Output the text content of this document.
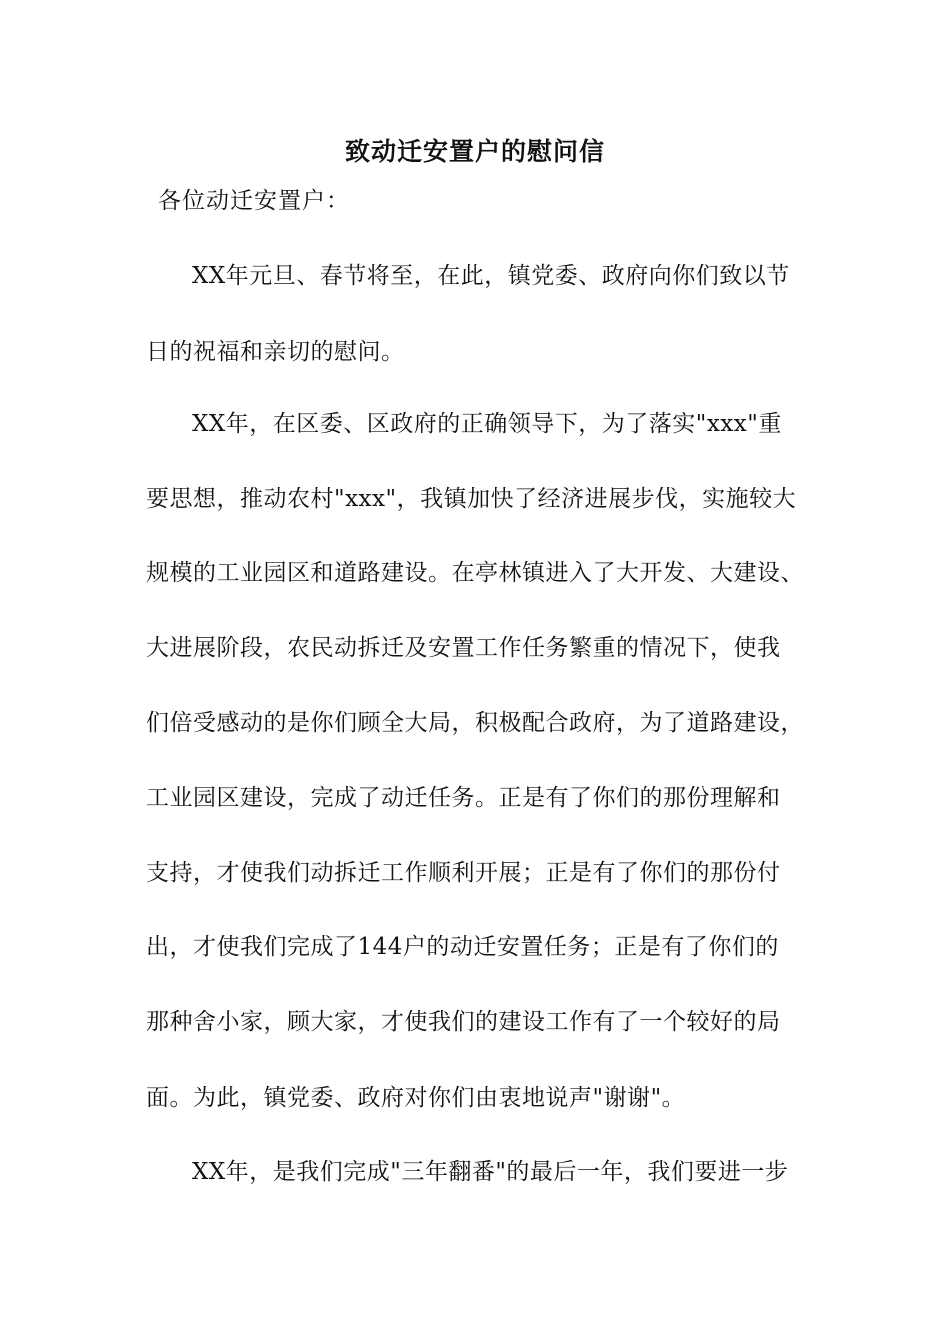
致动迁安置户的慰问信
各位动迁安置户：
XX年元旦、春节将至，在此，镇党委、政府向你们致以节
日的祝福和亲切的慰问。
XX年，在区委、区政府的正确领导下，为了落实"xxx"重
要思想，推动农村"xxx"，我镇加快了经济进展步伐，实施较大
规模的工业园区和道路建设。在亭林镇进入了大开发、大建设、
大进展阶段，农民动拆迁及安置工作任务繁重的情况下，使我
们倍受感动的是你们顾全大局，积极配合政府，为了道路建设，
工业园区建设，完成了动迁任务。正是有了你们的那份理解和
支持，才使我们动拆迁工作顺利开展；正是有了你们的那份付
出，才使我们完成了144户的动迁安置任务；正是有了你们的
那种舍小家，顾大家，才使我们的建设工作有了一个较好的局
面。为此，镇党委、政府对你们由衷地说声"谢谢"。
XX年，是我们完成"三年翻番"的最后一年，我们要进一步
